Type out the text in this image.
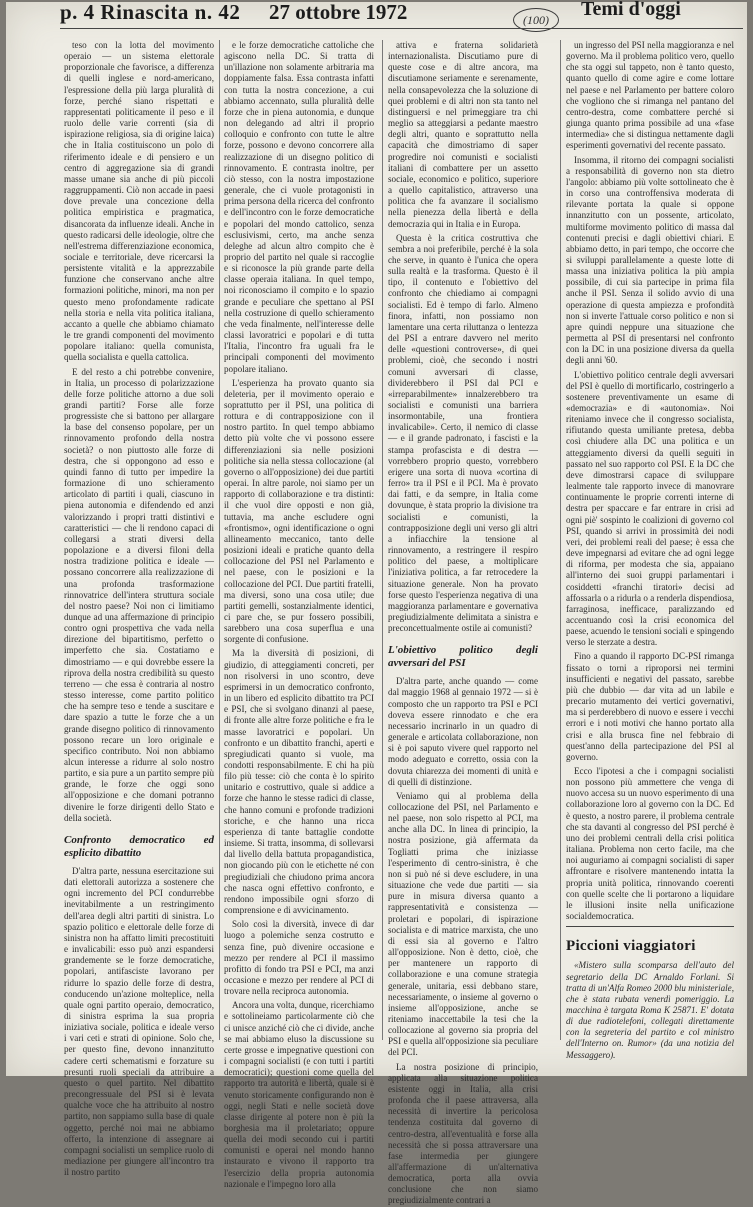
p. 4 Rinascita n. 42 27 ottobre 1972	(100)	Temi d'oggi

teso con la lotta del movimento operaio — un sistema elettorale proporzionale che favorisce, a differenza di quelli inglese e nord-americano, l'espressione della più larga pluralità di forze, perché siano rispettati e rappresentati politicamente il peso e il ruolo delle varie correnti (sia di ispirazione religiosa, sia di origine laica) che in Italia costituiscono un polo di riferimento ideale e di pensiero e un centro di aggregazione sia di grandi masse umane sia anche di più piccoli raggruppamenti. Ciò non accade in paesi dove prevale una concezione della politica empiristica e pragmatica, disancorata da influenze ideali. Anche in questo radicarsi delle ideologie, oltre che nell'estrema differenziazione economica, sociale e territoriale, deve ricercarsi la persistente vitalità e la apprezzabile funzione che conservano anche altre formazioni politiche, minori, ma non per questo meno profondamente radicate nella storia e nella vita politica italiana, accanto a quelle che abbiamo chiamato le tre grandi componenti del movimento popolare italiano: quella comunista, quella socialista e quella cattolica.

E del resto a chi potrebbe convenire, in Italia, un processo di polarizzazione delle forze politiche attorno a due soli grandi partiti? Forse alle forze progressiste che si battono per allargare la base del consenso popolare, per un rinnovamento profondo della nostra società? o non piuttosto alle forze di destra, che si oppongono ad esso e quindi fanno di tutto per impedire la formazione di uno schieramento articolato di partiti i quali, ciascuno in piena autonomia e difendendo ed anzi valorizzando i propri tratti distintivi e caratteristici — che li rendono capaci di collegarsi a strati diversi della popolazione e a diversi filoni della nostra tradizione politica e ideale — possano concorrere alla realizzazione di una profonda trasformazione rinnovatrice dell'intera struttura sociale del nostro paese? Noi non ci limitiamo dunque ad una affermazione di principio contro ogni prospettiva che vada nella direzione del bipartitismo, perfetto o imperfetto che sia. Costatiamo e dimostriamo — e qui dovrebbe essere la riprova della nostra credibilità su questo terreno — che essa è contraria al nostro stesso interesse, come partito politico che ha sempre teso e tende a suscitare e dare spazio a tutte le forze che a un grande disegno politico di rinnovamento possono recare un loro originale e specifico contributo. Noi non abbiamo alcun interesse a ridurre al solo nostro partito, e sia pure a un partito sempre più grande, le forze che oggi sono all'opposizione e che domani potranno divenire le forze dirigenti dello Stato e della società.

Confronto democratico ed esplicito dibattito

D'altra parte, nessuna esercitazione sui dati elettorali autorizza a sostenere che ogni incremento del PCI condurrebbe inevitabilmente a un restringimento dell'area degli altri partiti di sinistra. Lo spazio politico e elettorale delle forze di sinistra non ha affatto limiti precostituiti e invalicabili: esso può anzi espandersi grandemente se le forze democratiche, popolari, antifasciste lavorano per ridurre lo spazio delle forze di destra, conducendo un'azione molteplice, nella quale ogni partito operaio, democratico, di sinistra esprima la sua propria iniziativa sociale, politica e ideale verso i vari ceti e strati di opinione. Solo che, per questo fine, devono innanzitutto cadere certi schematismi e forzature su presunti ruoli speciali da attribuire a questo o quel partito. Nel dibattito precongressuale del PSI si è levata qualche voce che ha attribuito al nostro partito, non sappiamo sulla base di quale oggetto, perché noi mai ne abbiamo offerto, la intenzione di assegnare ai compagni socialisti un semplice ruolo di mediazione per giungere all'incontro tra il nostro partito

e le forze democratiche cattoliche che agiscono nella DC. Si tratta di un'illazione non solamente arbitraria ma doppiamente falsa. Essa contrasta infatti con tutta la nostra concezione, a cui abbiamo accennato, sulla pluralità delle forze che in piena autonomia, e dunque non delegando ad altri il proprio colloquio e confronto con tutte le altre forze, possono e devono concorrere alla realizzazione di un disegno politico di rinnovamento. E contrasta inoltre, per ciò stesso, con la nostra impostazione generale, che ci vuole protagonisti in prima persona della ricerca del confronto e dell'incontro con le forze democratiche e popolari del mondo cattolico, senza esclusivismi, certo, ma anche senza deleghe ad alcun altro compito che è proprio del partito nel quale si raccoglie e si riconosce la più grande parte della classe operaia italiana. In quel tempo, noi riconosciamo il compito e lo spazio grande e peculiare che spettano al PSI nella costruzione di quello schieramento che veda finalmente, nell'interesse delle classi lavoratrici e popolari e di tutta l'Italia, l'incontro fra uguali fra le principali componenti del movimento popolare italiano.

L'esperienza ha provato quanto sia deleteria, per il movimento operaio e soprattutto per il PSI, una politica di rottura e di contrapposizione con il nostro partito. In quel tempo abbiamo detto più volte che vi possono essere differenziazioni sia nelle posizioni politiche sia nella stessa collocazione (al governo o all'opposizione) dei due partiti operai. In altre parole, noi siamo per un rapporto di collaborazione e tra distinti: il che vuol dire opposti e non già, tuttavia, ma anche escludere ogni «frontismo», ogni identificazione o ogni allineamento meccanico, tanto delle posizioni ideali e pratiche quanto della collocazione del PSI nel Parlamento e nel paese, con le posizioni e la collocazione del PCI. Due partiti fratelli, ma diversi, sono una cosa utile; due partiti gemelli, sostanzialmente identici, ci pare che, se pur fossero possibili, sarebbero una cosa superflua e una sorgente di confusione.

Ma la diversità di posizioni, di giudizio, di atteggiamenti concreti, per non risolversi in uno scontro, deve esprimersi in un democratico confronto, in un libero ed esplicito dibattito tra PCI e PSI, che si svolgano dinanzi al paese, di fronte alle altre forze politiche e fra le masse lavoratrici e popolari. Un confronto e un dibattito franchi, aperti e spregiudicati quanto si vuole, ma condotti responsabilmente. E chi ha più filo più tesse: ciò che conta è lo spirito unitario e costruttivo, quale si addice a forze che hanno le stesse radici di classe, che hanno comuni e profonde tradizioni storiche, e che hanno una ricca esperienza di tante battaglie condotte insieme. Si tratta, insomma, di sollevarsi dal livello della battuta propagandistica, non giocando più con le etichette né con pregiudiziali che chiudono prima ancora che nasca ogni effettivo confronto, e rendono impossibile ogni sforzo di comprensione e di avvicinamento.

Solo così la diversità, invece di dar luogo a polemiche senza costrutto e senza fine, può divenire occasione e mezzo per rendere al PCI il massimo profitto di fondo tra PSI e PCI, ma anzi occasione e mezzo per rendere al PCI di trovare nella reciproca autonomia.

Ancora una volta, dunque, ricerchiamo e sottolineiamo particolarmente ciò che ci unisce anziché ciò che ci divide, anche se mai abbiamo eluso la discussione su certe grosse e impegnative questioni con i compagni socialisti (e con tutti i partiti democratici); questioni come quella del rapporto tra autorità e libertà, quale si è venuto storicamente configurando non è oggi, negli Stati e nelle società dove classe dirigente al potere non è più la borghesia ma il proletariato; oppure quella dei modi secondo cui i partiti comunisti e operai nel mondo hanno instaurato e vivono il rapporto tra l'esercizio della propria autonomia nazionale e l'impegno loro alla

attiva e fraterna solidarietà internazionalista. Discutiamo pure di queste cose e di altre ancora, ma discutiamone seriamente e serenamente, nella consapevolezza che la soluzione di quei problemi e di altri non sta tanto nel distinguersi e nel primeggiare tra chi meglio sa atteggiarsi a pedante maestro degli altri, quanto e soprattutto nella capacità che dimostriamo di saper progredire noi comunisti e socialisti italiani di combattere per un assetto sociale, economico e politico, superiore a quello capitalistico, attraverso una politica che fa avanzare il socialismo nella pienezza della libertà e della democrazia qui in Italia e in Europa.

Questa è la critica costruttiva che sembra a noi preferibile, perché è la sola che serve, in quanto è l'unica che opera sulla realtà e la trasforma. Questo è il tipo, il contenuto e l'obiettivo del confronto che chiediamo ai compagni socialisti. Ed è tempo di farlo. Almeno finora, infatti, non possiamo non lamentare una certa riluttanza o lentezza del PSI a entrare davvero nel merito delle «questioni controverse», di quei problemi, cioè, che secondo i nostri comuni avversari di classe, dividerebbero il PSI dal PCI e «irreparabilmente» innalzerebbero tra socialisti e comunisti una barriera insormontabile, una frontiera invalicabile». Certo, il nemico di classe — e il grande padronato, i fascisti e la stampa profascista e di destra — vorrebbero proprio questo, vorrebbero erigere una sorta di nuova «cortina di ferro» tra il PSI e il PCI. Ma è provato dai fatti, e da sempre, in Italia come dovunque, è stata proprio la divisione tra socialisti e comunisti, la contrapposizione degli uni verso gli altri a infiacchire la tensione al rinnovamento, a restringere il respiro politico del paese, a moltiplicare l'iniziativa politica, a far retrocedere la situazione generale. Non ha provato forse questo l'esperienza negativa di una maggioranza parlamentare e governativa pregiudizialmente delimitata a sinistra e preconcettualmente ostile ai comunisti?

L'obiettivo politico degli avversari del PSI

D'altra parte, anche quando — come dal maggio 1968 al gennaio 1972 — si è composto che un rapporto tra PSI e PCI doveva essere rinnodato e che era necessario incrinarlo in un quadro di generale e articolata collaborazione, non si è poi saputo vivere quel rapporto nel modo adeguato e corretto, ossia con la dovuta chiarezza dei momenti di unità e di quelli di distinzione.

Veniamo qui al problema della collocazione del PSI, nel Parlamento e nel paese, non solo rispetto al PCI, ma anche alla DC. In linea di principio, la nostra posizione, già affermata da Togliatti prima che iniziasse l'esperimento di centro-sinistra, è che non si può né si deve escludere, in una situazione che vede due partiti — sia pure in misura diversa quanto a rappresentatività e consistenza — proletari e popolari, di ispirazione socialista e di matrice marxista, che uno di essi sia al governo e l'altro all'opposizione. Non è detto, cioè, che per mantenere un rapporto di collaborazione e una comune strategia generale, unitaria, essi debbano stare, necessariamente, o insieme al governo o insieme all'opposizione, anche se riteniamo inaccettabile la tesi che la collocazione al governo sia propria del PSI e quella all'opposizione sia peculiare del PCI.

La nostra posizione di principio, applicata alla situazione politica esistente oggi in Italia, alla crisi profonda che il paese attraversa, alla necessità di invertire la pericolosa tendenza costituita dal governo di centro-destra, all'eventualità e forse alla necessità che si possa attraversare una fase intermedia per giungere all'affermazione di un'alternativa democratica, porta alla ovvia conclusione che non siamo pregiudizialmente contrari a

un ingresso del PSI nella maggioranza e nel governo. Ma il problema politico vero, quello che sta oggi sul tappeto, non è tanto questo, quanto quello di come agire e come lottare nel paese e nel Parlamento per battere coloro che vogliono che si rimanga nel pantano del centro-destra, come combattere perché si giunga quanto prima possibile ad una «fase intermedia» che si distingua nettamente dagli esperimenti governativi del recente passato.

Insomma, il ritorno dei compagni socialisti a responsabilità di governo non sta dietro l'angolo: abbiamo più volte sottolineato che è in corso una controffensiva moderata di rilevante portata la quale si oppone innanzitutto con un possente, articolato, multiforme movimento politico di massa dal contenuti precisi e dagli obiettivi chiari. E abbiamo detto, in pari tempo, che occorre che si sviluppi parallelamente a queste lotte di massa una iniziativa politica la più ampia possibile, di cui sia partecipe in prima fila anche il PSI. Senza il solido avvio di una operazione di questa ampiezza e profondità non si inverte l'attuale corso politico e non si apre quindi neppure una situazione che permetta al PSI di presentarsi nel confronto con la DC in una posizione diversa da quella degli anni '60.

L'obiettivo politico centrale degli avversari del PSI è quello di mortificarlo, costringerlo a sostenere preventivamente un esame di «democrazia» e di «autonomia». Noi riteniamo invece che il congresso socialista, rifiutando questa umiliante pretesa, debba così chiudere alla DC una politica e un atteggiamento diversi da quelli seguiti in passato nel suo rapporto col PSI. E la DC che deve dimostrarsi capace di sviluppare lealmente tale rapporto invece di manovrare continuamente le proprie correnti interne di destra per spaccare e far entrare in crisi ad ogni piè' sospinto le coalizioni di governo col PSI, quando si arrivi in prossimità dei nodi veri, dei problemi reali del paese; è essa che deve impegnarsi ad evitare che ad ogni legge di riforma, per modesta che sia, appaiano all'interno dei suoi gruppi parlamentari i cosiddetti «franchi tiratori» decisi ad affossarla o a ridurla o a renderla dispendiosa, farraginosa, inefficace, paralizzando ed accentuando così la crisi economica del paese, acuendo le tensioni sociali e spingendo verso le sterzate a destra.

Fino a quando il rapporto DC-PSI rimanga fissato o torni a riproporsi nei termini insufficienti e negativi del passato, sarebbe più che dubbio — dar vita ad un labile e precario mutamento dei vertici governativi, ma si perderebbero di nuovo e essere i vecchi errori e i noti motivi che hanno portato alla crisi e alla brusca fine nel febbraio di quest'anno della partecipazione del PSI al governo.

Ecco l'ipotesi a che i compagni socialisti non possono più ammettere che venga di nuovo accesa su un nuovo esperimento di una collaborazione loro al governo con la DC. Ed è questo, a nostro parere, il problema centrale che sta davanti al congresso del PSI perché è uno dei problemi centrali della crisi politica italiana. Problema non certo facile, ma che noi auguriamo ai compagni socialisti di saper affrontare e risolvere mantenendo intatta la propria unità politica, rinnovando coerenti con quelle scelte che li portarono a liquidare le illusioni insite nella unificazione socialdemocratica.

Piccioni viaggiatori

«Mistero sulla scomparsa dell'auto del segretario della DC Arnaldo Forlani. Si tratta di un'Alfa Romeo 2000 blu ministeriale, che è stata rubata venerdì pomeriggio. La macchina è targata Roma K 25871. E' dotata di due radiotelefoni, collegati direttamente con la segreteria del partito e col ministro dell'Interno on. Rumor» (da una notizia del Messaggero).
